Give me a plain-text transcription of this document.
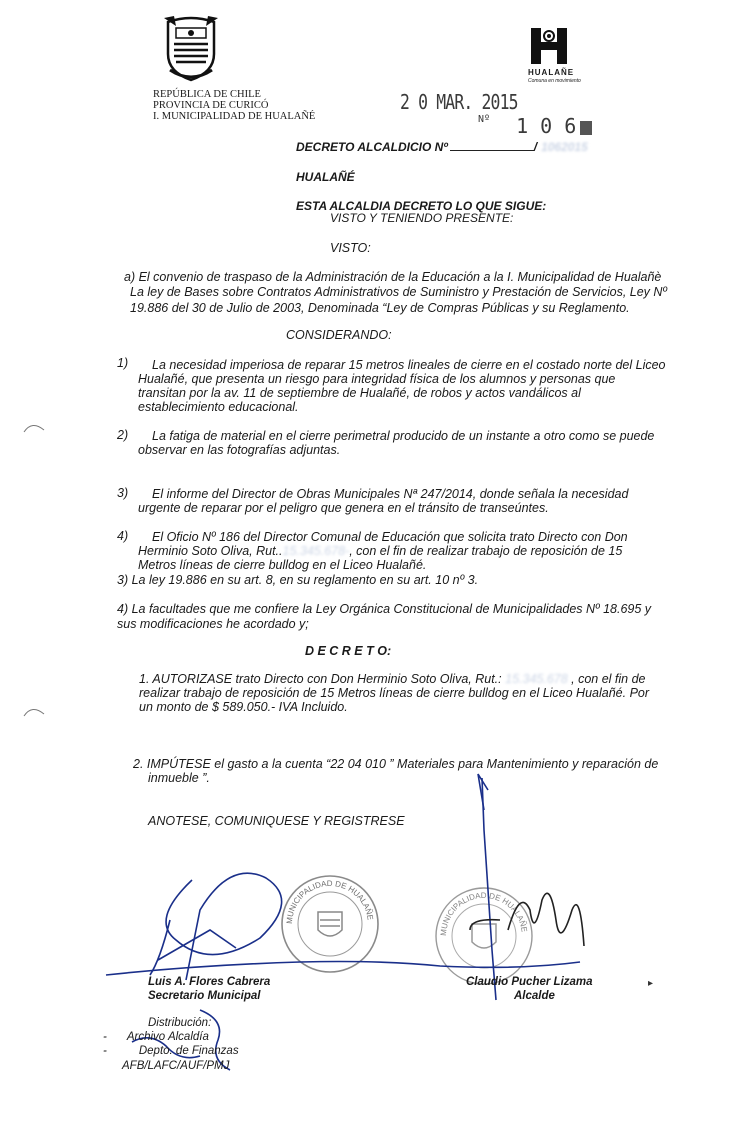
REPÚBLICA DE CHILE
PROVINCIA DE CURICÓ
I. MUNICIPALIDAD DE HUALAÑÉ
2 0 MAR. 2015
$^{Nº}$ 1 0 6
HUALAÑE
Comuna en movimiento
DECRETO ALCALDICIO Nº	/ 1062015
HUALAÑÉ
ESTA ALCALDIA DECRETO LO QUE SIGUE:
VISTO Y TENIENDO PRESENTE:
VISTO:
a) El convenio de traspaso de la Administración de la Educación a la I. Municipalidad de Hualañè
La ley de Bases sobre Contratos Administrativos de Suministro y Prestación de Servicios, Ley Nº
19.886 del 30 de Julio de 2003, Denominada “Ley de Compras Públicas y su Reglamento.
CONSIDERANDO:
1) La necesidad imperiosa de reparar 15 metros lineales de cierre en el costado norte del Liceo
Hualañé, que presenta un riesgo para integridad física de los alumnos y personas que
transitan por la av. 11 de septiembre de Hualañé, de robos y actos vandálicos al
establecimiento educacional.
2) La fatiga de material en el cierre perimetral producido de un instante a otro como se puede
observar en las fotografías adjuntas.
3) El informe del Director de Obras Municipales Nª 247/2014, donde señala la necesidad
urgente de reparar por el peligro que genera en el tránsito de transeúntes.
4) El Oficio Nº 186 del Director Comunal de Educación que solicita trato Directo con Don
Herminio Soto Oliva, Rut..15.345.678-, con el fin de realizar trabajo de reposición de 15
Metros líneas de cierre bulldog en el Liceo Hualañé.
3) La ley 19.886 en su art. 8, en su reglamento en su art. 10 nº 3.
4) La facultades que me confiere la Ley Orgánica Constitucional de Municipalidades Nº 18.695 y
sus modificaciones he acordado y;
D E C R E T O:
1. AUTORIZASE trato Directo con Don Herminio Soto Oliva, Rut.: 15.345.678 , con el fin de
realizar trabajo de reposición de 15 Metros líneas de cierre bulldog en el Liceo Hualañé. Por
un monto de $ 589.050.- IVA Incluido.
2. IMPÚTESE el gasto a la cuenta “22 04 010 ” Materiales para Mantenimiento y reparación de
inmueble ”.
ANOTESE, COMUNIQUESE Y REGISTRESE
MUNICIPALIDAD DE HUALAÑE
MUNICIPALIDAD DE HUALAÑE
Luis A. Flores Cabrera
Secretario Municipal
Claudio Pucher Lizama
Alcalde
Distribución:
- Archivo Alcaldía
-	Depto. de Finanzas
AFB/LAFC/AUF/PMJ
▸
